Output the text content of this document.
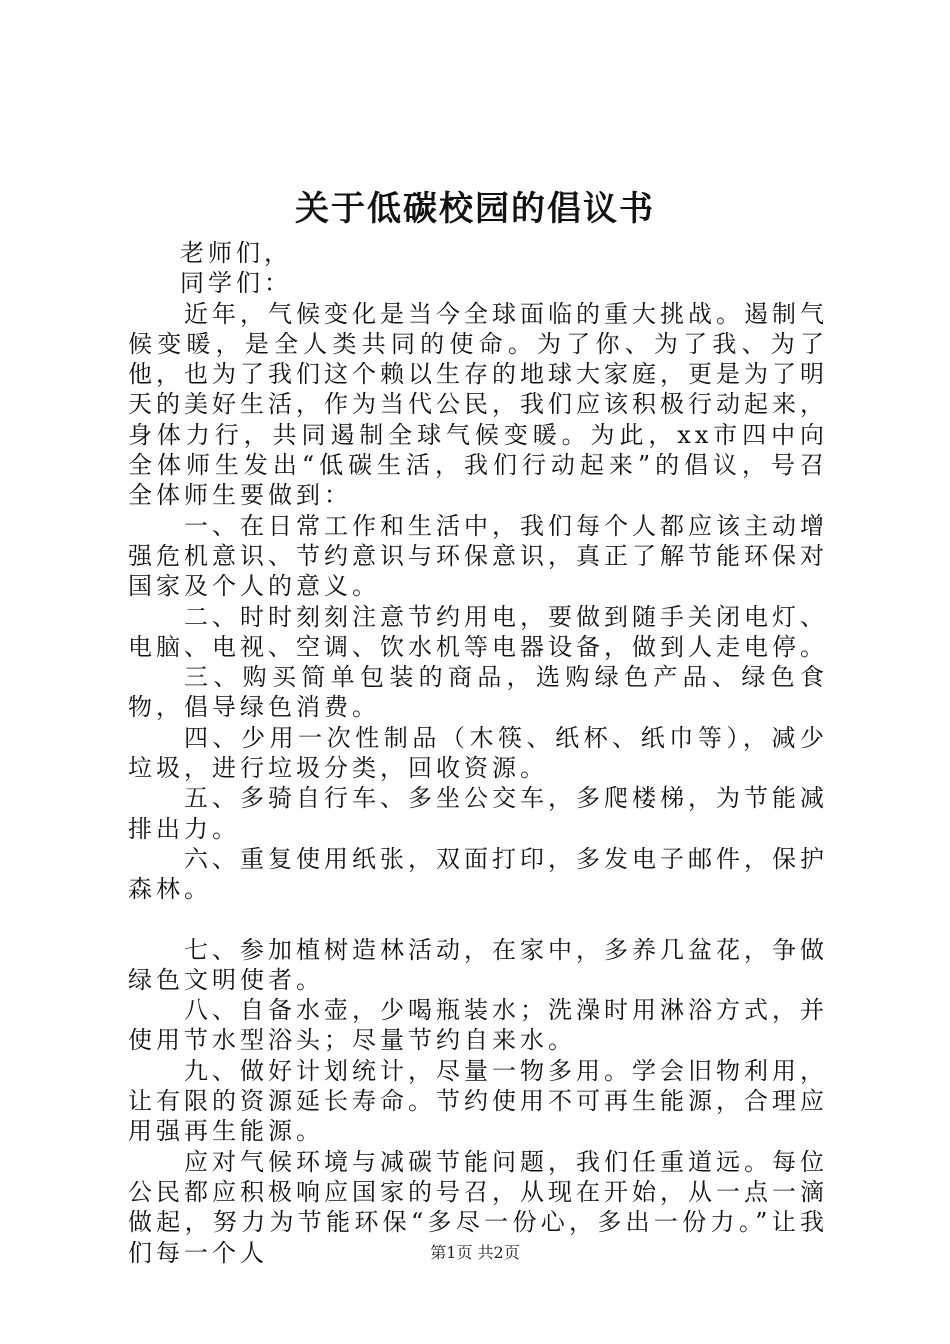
关于低碳校园的倡议书

老师们，

同学们：

近年，气候变化是当今全球面临的重大挑战。遏制气候变暖，是全人类共同的使命。为了你、为了我、为了他，也为了我们这个赖以生存的地球大家庭，更是为了明天的美好生活，作为当代公民，我们应该积极行动起来，身体力行，共同遏制全球气候变暖。为此，xx市四中向全体师生发出“低碳生活，我们行动起来”的倡议，号召全体师生要做到：

一、在日常工作和生活中，我们每个人都应该主动增强危机意识、节约意识与环保意识，真正了解节能环保对国家及个人的意义。

二、时时刻刻注意节约用电，要做到随手关闭电灯、电脑、电视、空调、饮水机等电器设备，做到人走电停。

三、购买简单包装的商品，选购绿色产品、绿色食物，倡导绿色消费。

四、少用一次性制品（木筷、纸杯、纸巾等），减少垃圾，进行垃圾分类，回收资源。

五、多骑自行车、多坐公交车，多爬楼梯，为节能减排出力。

六、重复使用纸张，双面打印，多发电子邮件，保护森林。

七、参加植树造林活动，在家中，多养几盆花，争做绿色文明使者。

八、自备水壶，少喝瓶装水；洗澡时用淋浴方式，并使用节水型浴头；尽量节约自来水。

九、做好计划统计，尽量一物多用。学会旧物利用，让有限的资源延长寿命。节约使用不可再生能源，合理应用强再生能源。

应对气候环境与减碳节能问题，我们任重道远。每位公民都应积极响应国家的号召，从现在开始，从一点一滴做起，努力为节能环保“多尽一份心，多出一份力。”让我们每一个人	第1页 共2页
